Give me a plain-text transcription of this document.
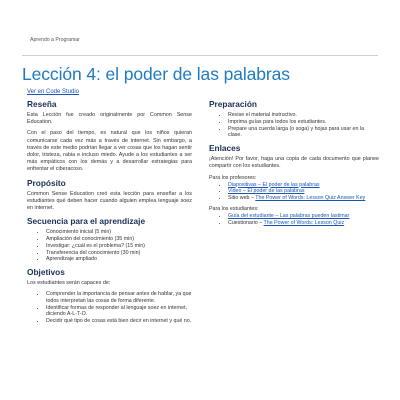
Aprendo a Programar
Lección 4: el poder de las palabras
Ver en Code Studio
Reseña

Esta Lección fue creado originalmente por Common Sense Education.

Con el paso del tiempo, es natural que los niños quieran comunicarse cada vez más a través de internet. Sin embargo, a través de este medio podrían llegar a ver cosas que los hagan sentir dolor, tristeza, rabia e incluso miedo. Ayude a los estudiantes a ser más empáticos con los demás y a desarrollar estrategias para enfrentar el ciberacoso.

Propósito

Common Sense Education creó esta lección para enseñar a los estudiantes qué deben hacer cuando alguien emplea lenguaje soez en internet.

Secuencia para el aprendizaje
• Conocimiento inicial (5 min)
• Ampliación del conocimiento (35 min)
• Investigar: ¿cuál es el problema? (15 min)
• Transferencia del conocimiento (30 min)
• Aprendizaje ampliado
Objetivos

Los estudiantes serán capaces de:

• Comprender la importancia de pensar antes de hablar, ya que todos interpretan las cosas de forma diferente.
• Identificar formas de responder al lenguaje soez en internet, diciendo A-L-T-O.
• Decidir qué tipo de cosas está bien decir en internet y qué no.
Preparación
• Revise el material instructivo.
• Imprima guías para todos los estudiantes.
• Prepare una cuerda larga (o soga) y hojas para usar en la clase.
Enlaces

¡Atención! Por favor, haga una copia de cada documento que planee compartir con los estudiantes.

Para los profesores:
• Diapositivas – El poder de las palabras
• Video – El poder de las palabras
• Sitio web – The Power of Words: Lesson Quiz Answer Key
Para los estudiantes:
• Guía del estudiante – Las palabras pueden lastimar
• Cuestionario – The Power of Words: Lesson Quiz
